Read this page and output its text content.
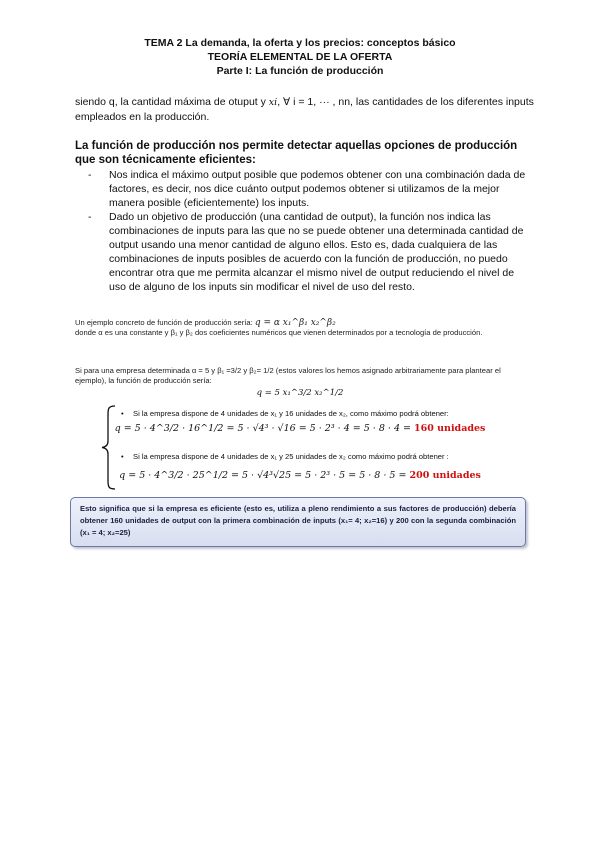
TEMA 2 La demanda, la oferta y los precios: conceptos básico
TEORÍA ELEMENTAL DE LA OFERTA
Parte I: La función de producción
siendo q, la cantidad máxima de otuput y xi, ∀ i = 1, ··· , nn, las cantidades de los diferentes inputs empleados en la producción.
La función de producción nos permite detectar aquellas opciones de producción que son técnicamente eficientes:
- Nos indica el máximo output posible que podemos obtener con una combinación dada de factores, es decir, nos dice cuánto output podemos obtener si utilizamos de la mejor manera posible (eficientemente) los inputs.
- Dado un objetivo de producción (una cantidad de output), la función nos indica las combinaciones de inputs para las que no se puede obtener una determinada cantidad de output usando una menor cantidad de alguno ellos. Esto es, dada cualquiera de las combinaciones de inputs posibles de acuerdo con la función de producción, no puedo encontrar otra que me permita alcanzar el mismo nivel de output reduciendo el nivel de uso de alguno de los inputs sin modificar el nivel de uso del resto.
Un ejemplo concreto de función de producción sería: q = α x₁^β₁ x₂^β₂
donde α es una constante y β₁ y β₂ dos coeficientes numéricos que vienen determinados por a tecnología de producción.
Si para una empresa determinada α = 5 y β₁ =3/2 y β₂= 1/2 (estos valores los hemos asignado arbitrariamente para plantear el ejemplo), la función de producción sería:
q = 5 x₁^3/2 x₂^1/2
• Si la empresa dispone de 4 unidades de x₁ y 16 unidades de x₂, como máximo podrá obtener:
q = 5 · 4^3/2 · 16^1/2 = 5 · √4³ · √16 = 5 · 2³ · 4 = 5 · 8 · 4 = 160 unidades
• Si la empresa dispone de 4 unidades de x₁ y 25 unidades de x₂ como máximo podrá obtener :
q = 5 · 4^3/2 · 25^1/2 = 5 · √4³√25 = 5 · 2³ · 5 = 5 · 8 · 5 = 200 unidades
Esto significa que si la empresa es eficiente (esto es, utiliza a pleno rendimiento a sus factores de producción) debería obtener 160 unidades de output con la primera combinación de inputs (x₁= 4; x₂=16) y 200 con la segunda combinación (x₁ = 4; x₂=25)
